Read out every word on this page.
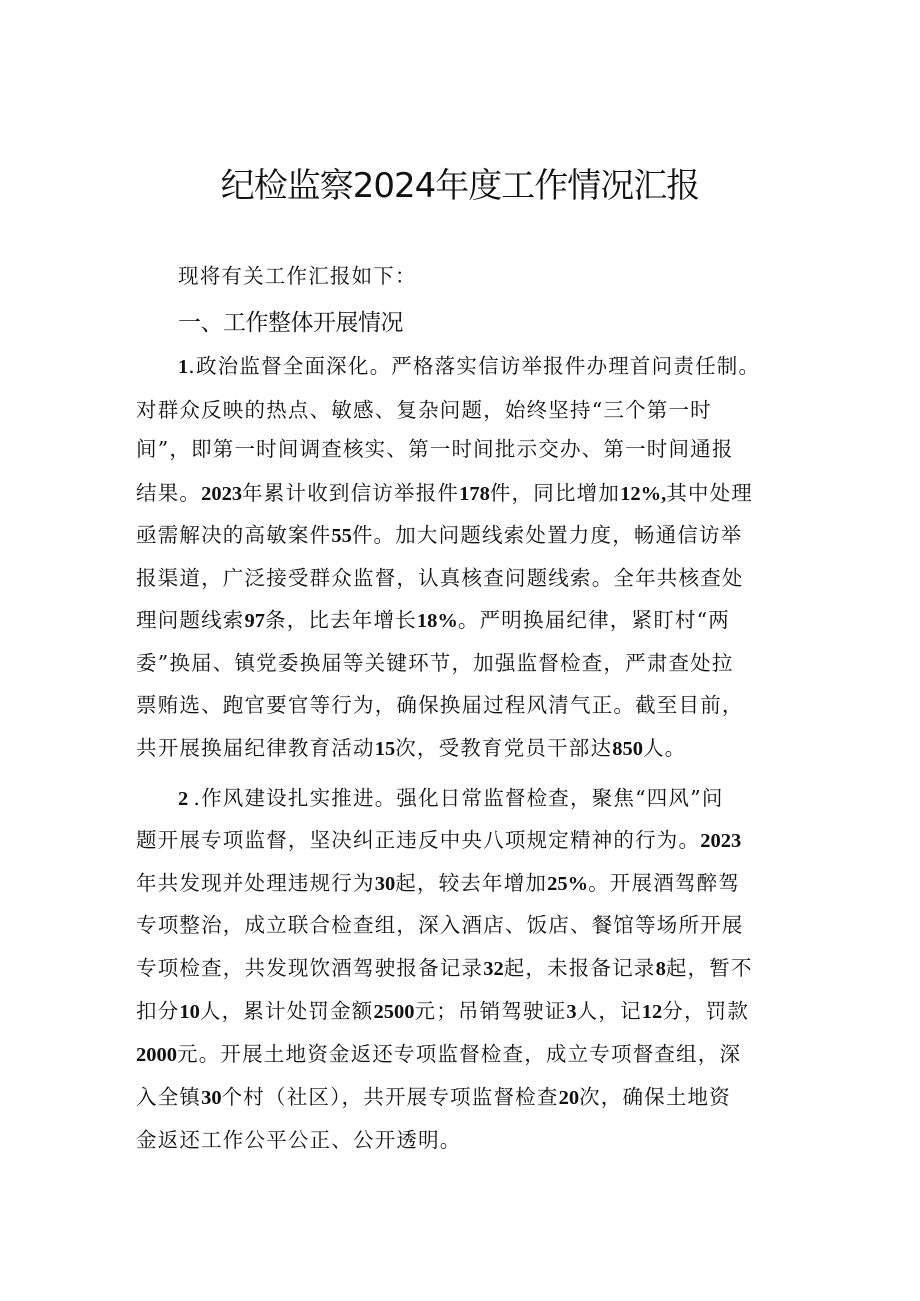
纪检监察2024年度工作情况汇报
现将有关工作汇报如下：
一、工作整体开展情况
1.政治监督全面深化。严格落实信访举报件办理首问责任制。
对群众反映的热点、敏感、复杂问题，始终坚持“三个第一时
间”，即第一时间调查核实、第一时间批示交办、第一时间通报
结果。2023年累计收到信访举报件178件，同比增加12%,其中处理
亟需解决的高敏案件55件。加大问题线索处置力度，畅通信访举
报渠道，广泛接受群众监督，认真核查问题线索。全年共核查处
理问题线索97条，比去年增长18%。严明换届纪律，紧盯村“两
委”换届、镇党委换届等关键环节，加强监督检查，严肃查处拉
票贿选、跑官要官等行为，确保换届过程风清气正。截至目前，
共开展换届纪律教育活动15次，受教育党员干部达850人。
2 .作风建设扎实推进。强化日常监督检查，聚焦“四风”问
题开展专项监督，坚决纠正违反中央八项规定精神的行为。2023
年共发现并处理违规行为30起，较去年增加25%。开展酒驾醉驾
专项整治，成立联合检查组，深入酒店、饭店、餐馆等场所开展
专项检查，共发现饮酒驾驶报备记录32起，未报备记录8起，暂不
扣分10人，累计处罚金额2500元；吊销驾驶证3人，记12分，罚款
2000元。开展土地资金返还专项监督检查，成立专项督查组，深
入全镇30个村（社区），共开展专项监督检查20次，确保土地资
金返还工作公平公正、公开透明。
